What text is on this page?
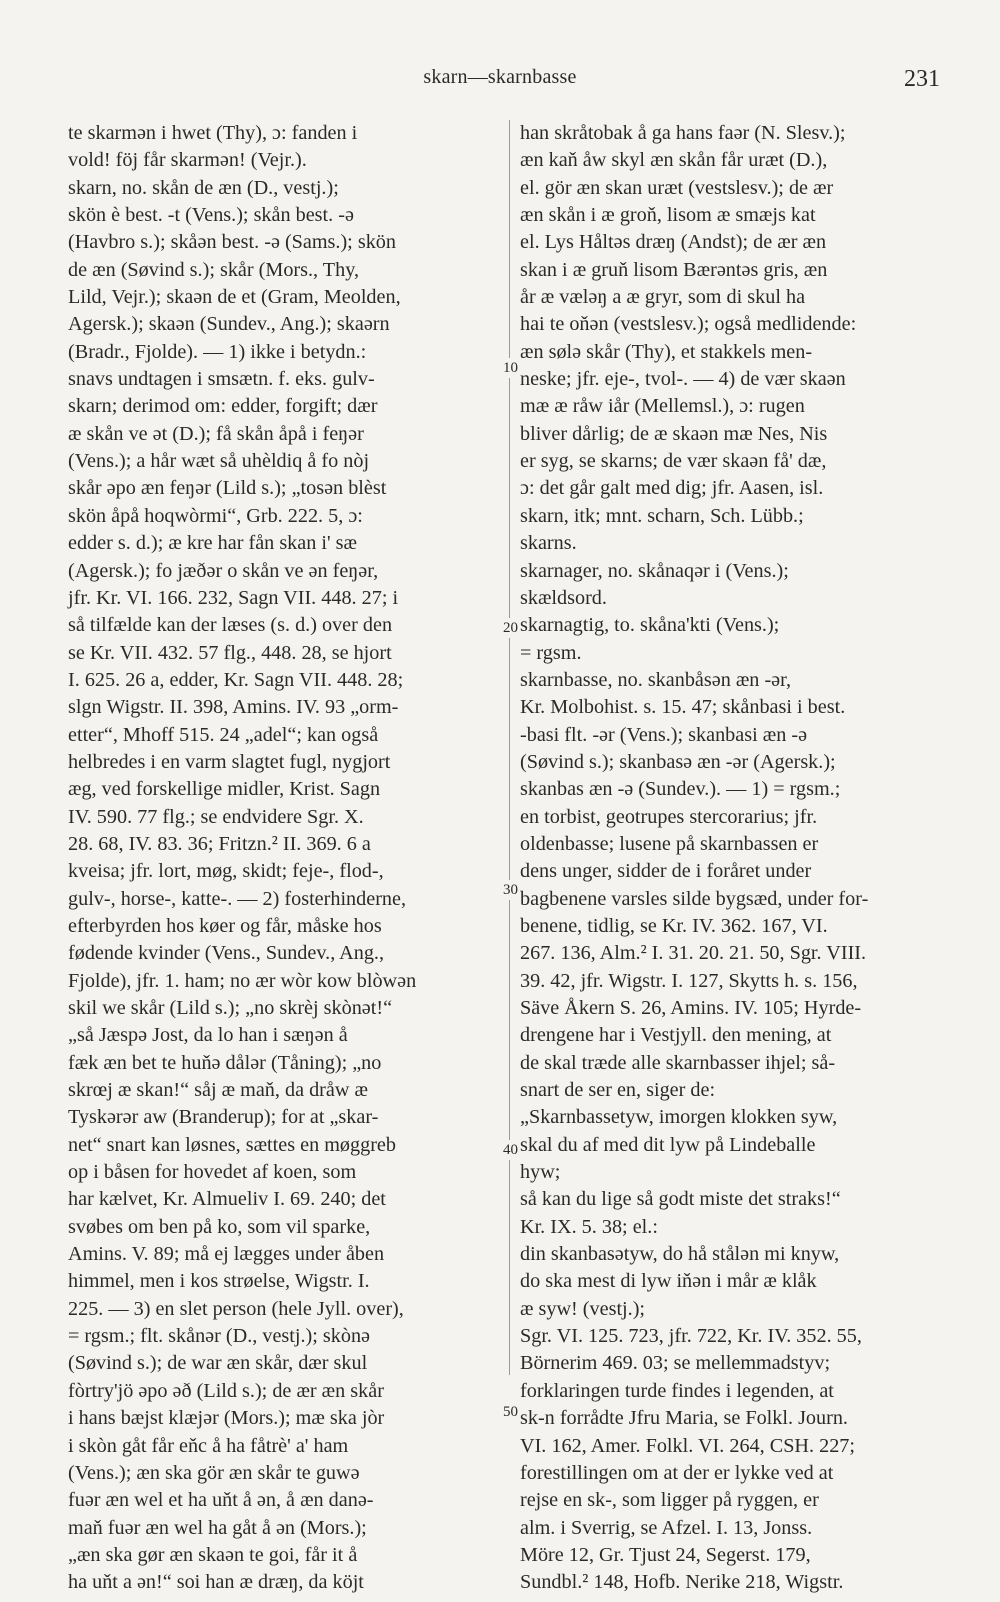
skarn—skarnbasse	231
10
20
30
40
50
te skarmən i hwet (Thy), ɔ: fanden i
vold! föj får skarmən! (Vejr.).
skarn, no. skån de æn (D., vestj.);
skön è best. -t (Vens.); skån best. -ə
(Havbro s.); skåən best. -ə (Sams.); skön
de æn (Søvind s.); skår (Mors., Thy,
Lild, Vejr.); skaən de et (Gram, Meolden,
Agersk.); skaən (Sundev., Ang.); skaərn
(Bradr., Fjolde). — 1) ikke i betydn.:
snavs undtagen i smsætn. f. eks. gulv-
skarn; derimod om: edder, forgift; dær
æ skån ve ət (D.); få skån åpå i feŋər
(Vens.); a hår wæt så uhèldiq å fo nòj
skår əpo æn feŋər (Lild s.); „tosən blèst
skön åpå hoqwòrmi“, Grb. 222. 5, ɔ:
edder s. d.); æ kre har fån skan i' sæ
(Agersk.); fo jæðər o skån ve ən feŋər,
jfr. Kr. VI. 166. 232, Sagn VII. 448. 27; i
så tilfælde kan der læses (s. d.) over den
se Kr. VII. 432. 57 flg., 448. 28, se hjort
I. 625. 26 a, edder, Kr. Sagn VII. 448. 28;
slgn Wigstr. II. 398, Amins. IV. 93 „orm-
etter“, Mhoff 515. 24 „adel“; kan også
helbredes i en varm slagtet fugl, nygjort
æg, ved forskellige midler, Krist. Sagn
IV. 590. 77 flg.; se endvidere Sgr. X.
28. 68, IV. 83. 36; Fritzn.² II. 369. 6 a
kveisa; jfr. lort, møg, skidt; feje-, flod-,
gulv-, horse-, katte-. — 2) fosterhinderne,
efterbyrden hos køer og får, måske hos
fødende kvinder (Vens., Sundev., Ang.,
Fjolde), jfr. 1. ham; no ær wòr kow blòwən
skil we skår (Lild s.); „no skrèj skònət!“
„så Jæspə Jost, da lo han i sæŋən å
fæk æn bet te huňə dålər (Tåning); „no
skrœj æ skan!“ såj æ maň, da dråw æ
Tyskərər aw (Branderup); for at „skar-
net“ snart kan løsnes, sættes en møggreb
op i båsen for hovedet af koen, som
har kælvet, Kr. Almueliv I. 69. 240; det
svøbes om ben på ko, som vil sparke,
Amins. V. 89; må ej lægges under åben
himmel, men i kos strøelse, Wigstr. I.
225. — 3) en slet person (hele Jyll. over),
= rgsm.; flt. skånər (D., vestj.); skònə
(Søvind s.); de war æn skår, dær skul
fòrtry'jö əpo əð (Lild s.); de ær æn skår
i hans bæjst klæjər (Mors.); mæ ska jòr
i skòn gåt får eňc å ha fåtrè' a' ham
(Vens.); æn ska gör æn skår te guwə
fuər æn wel et ha uňt å ən, å æn danə-
maň fuər æn wel ha gåt å ən (Mors.);
„æn ska gør æn skaən te goi, får it å
ha uňt a ən!“ soi han æ dræŋ, da köjt
han skråtobak å ga hans faər (N. Slesv.);
æn kaň åw skyl æn skån får uræt (D.),
el. gör æn skan uræt (vestslesv.); de ær
æn skån i æ groň, lisom æ smæjs kat
el. Lys Håltəs dræŋ (Andst); de ær æn
skan i æ gruň lisom Bærəntəs gris, æn
år æ væləŋ a æ gryr, som di skul ha
hai te oňən (vestslesv.); også medlidende:
æn sølə skår (Thy), et stakkels men-
neske; jfr. eje-, tvol-. — 4) de vær skaən
mæ æ råw iår (Mellemsl.), ɔ: rugen
bliver dårlig; de æ skaən mæ Nes, Nis
er syg, se skarns; de vær skaən få' dæ,
ɔ: det går galt med dig; jfr. Aasen, isl.
skarn, itk; mnt. scharn, Sch. Lübb.;
skarns.
skarnager, no. skånaqər i (Vens.);
skældsord.
skarnagtig, to. skåna'kti (Vens.);
= rgsm.
skarnbasse, no. skanbåsən æn -ər,
Kr. Molbohist. s. 15. 47; skånbasi i best.
-basi flt. -ər (Vens.); skanbasi æn -ə
(Søvind s.); skanbasə æn -ər (Agersk.);
skanbas æn -ə (Sundev.). — 1) = rgsm.;
en torbist, geotrupes stercorarius; jfr.
oldenbasse; lusene på skarnbassen er
dens unger, sidder de i foråret under
bagbenene varsles silde bygsæd, under for-
benene, tidlig, se Kr. IV. 362. 167, VI.
267. 136, Alm.² I. 31. 20. 21. 50, Sgr. VIII.
39. 42, jfr. Wigstr. I. 127, Skytts h. s. 156,
Säve Åkern S. 26, Amins. IV. 105; Hyrde-
drengene har i Vestjyll. den mening, at
de skal træde alle skarnbasser ihjel; så-
snart de ser en, siger de:
„Skarnbassetyw, imorgen klokken syw,
skal du af med dit lyw på Lindeballe
hyw;
så kan du lige så godt miste det straks!“
Kr. IX. 5. 38; el.:
din skanbasətyw, do hå stålən mi knyw,
do ska mest di lyw iňən i mår æ klåk
æ syw! (vestj.);
Sgr. VI. 125. 723, jfr. 722, Kr. IV. 352. 55,
Börnerim 469. 03; se mellemmadstyv;
forklaringen turde findes i legenden, at
sk-n forrådte Jfru Maria, se Folkl. Journ.
VI. 162, Amer. Folkl. VI. 264, CSH. 227;
forestillingen om at der er lykke ved at
rejse en sk-, som ligger på ryggen, er
alm. i Sverrig, se Afzel. I. 13, Jonss.
Möre 12, Gr. Tjust 24, Segerst. 179,
Sundbl.² 148, Hofb. Nerike 218, Wigstr.
